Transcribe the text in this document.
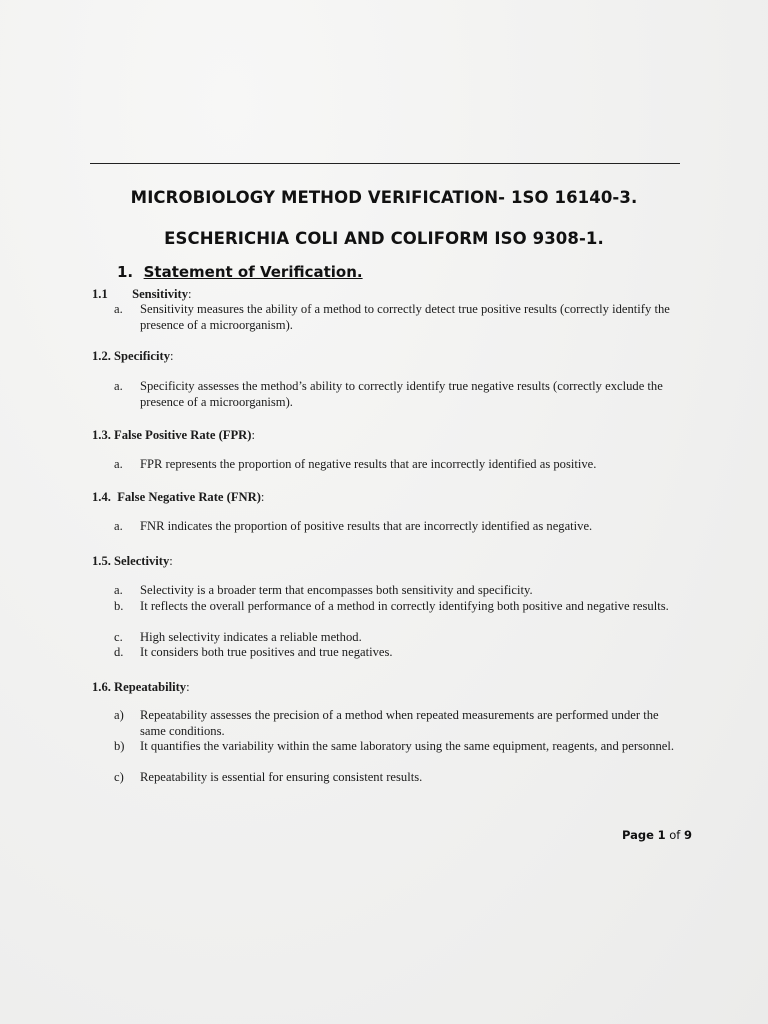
MICROBIOLOGY METHOD VERIFICATION- 1SO 16140-3.
ESCHERICHIA COLI AND COLIFORM ISO 9308-1.
1. Statement of Verification.
1.1 Sensitivity:
a.	Sensitivity measures the ability of a method to correctly detect true positive results (correctly identify the presence of a microorganism).
1.2. Specificity:
a.	Specificity assesses the method’s ability to correctly identify true negative results (correctly exclude the presence of a microorganism).
1.3. False Positive Rate (FPR):
a.	FPR represents the proportion of negative results that are incorrectly identified as positive.
1.4.  False Negative Rate (FNR):
a.	FNR indicates the proportion of positive results that are incorrectly identified as negative.
1.5. Selectivity:
a.	Selectivity is a broader term that encompasses both sensitivity and specificity.
b.	It reflects the overall performance of a method in correctly identifying both positive and negative results.
c.	High selectivity indicates a reliable method.
d.	It considers both true positives and true negatives.
1.6. Repeatability:
a)	Repeatability assesses the precision of a method when repeated measurements are performed under the same conditions.
b)	It quantifies the variability within the same laboratory using the same equipment, reagents, and personnel.
c)	Repeatability is essential for ensuring consistent results.
Page 1 of 9
